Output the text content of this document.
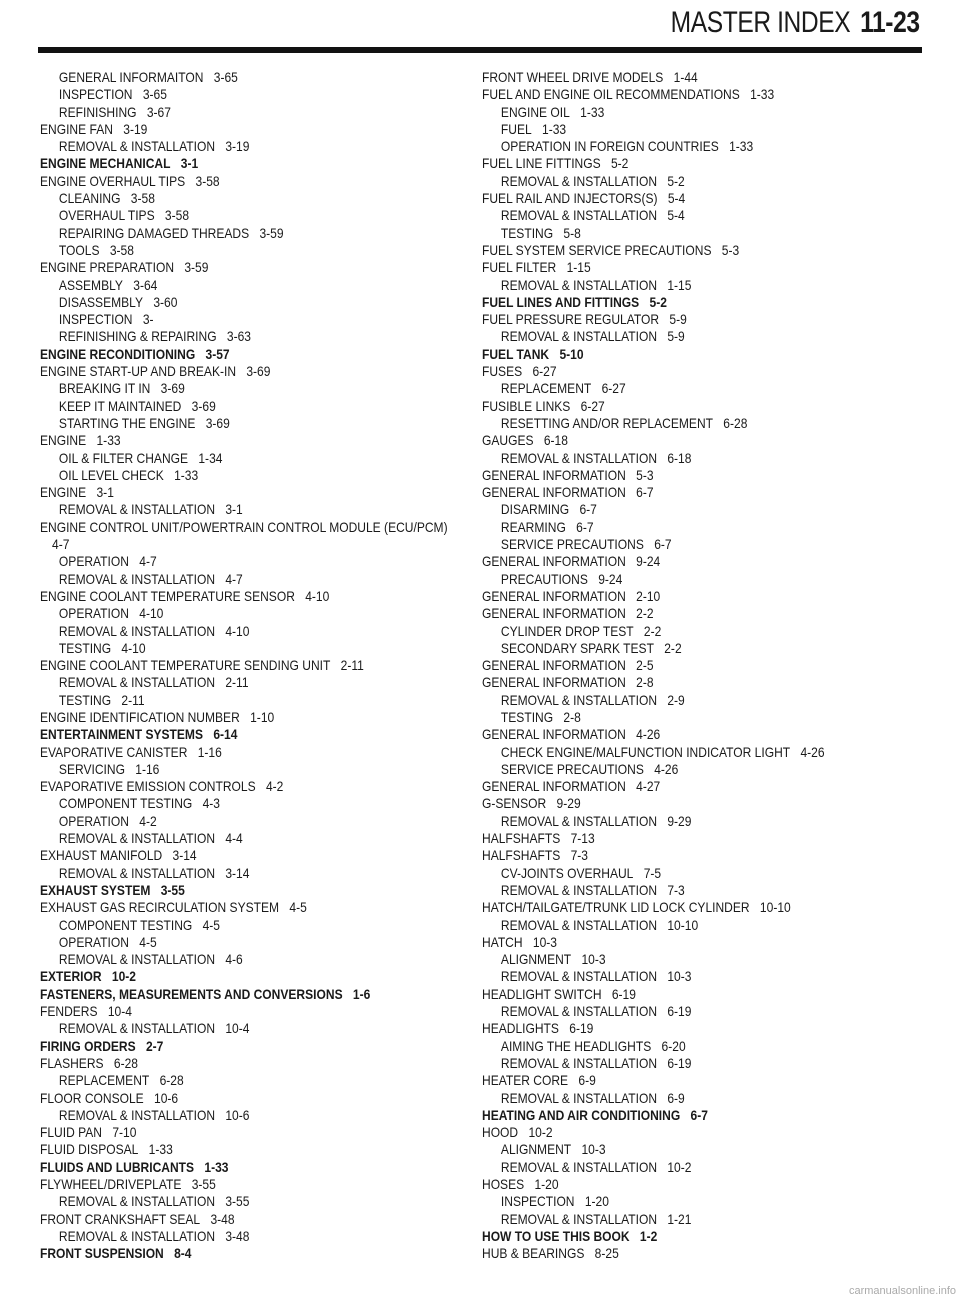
MASTER INDEX 11-23
GENERAL INFORMAITON 3-65
INSPECTION 3-65
REFINISHING 3-67
ENGINE FAN 3-19
REMOVAL & INSTALLATION 3-19
ENGINE MECHANICAL 3-1
ENGINE OVERHAUL TIPS 3-58
CLEANING 3-58
OVERHAUL TIPS 3-58
REPAIRING DAMAGED THREADS 3-59
TOOLS 3-58
ENGINE PREPARATION 3-59
ASSEMBLY 3-64
DISASSEMBLY 3-60
INSPECTION 3-
REFINISHING & REPAIRING 3-63
ENGINE RECONDITIONING 3-57
ENGINE START-UP AND BREAK-IN 3-69
BREAKING IT IN 3-69
KEEP IT MAINTAINED 3-69
STARTING THE ENGINE 3-69
ENGINE 1-33
OIL & FILTER CHANGE 1-34
OIL LEVEL CHECK 1-33
ENGINE 3-1
REMOVAL & INSTALLATION 3-1
ENGINE CONTROL UNIT/POWERTRAIN CONTROL MODULE (ECU/PCM)
4-7
OPERATION 4-7
REMOVAL & INSTALLATION 4-7
ENGINE COOLANT TEMPERATURE SENSOR 4-10
OPERATION 4-10
REMOVAL & INSTALLATION 4-10
TESTING 4-10
ENGINE COOLANT TEMPERATURE SENDING UNIT 2-11
REMOVAL & INSTALLATION 2-11
TESTING 2-11
ENGINE IDENTIFICATION NUMBER 1-10
ENTERTAINMENT SYSTEMS 6-14
EVAPORATIVE CANISTER 1-16
SERVICING 1-16
EVAPORATIVE EMISSION CONTROLS 4-2
COMPONENT TESTING 4-3
OPERATION 4-2
REMOVAL & INSTALLATION 4-4
EXHAUST MANIFOLD 3-14
REMOVAL & INSTALLATION 3-14
EXHAUST SYSTEM 3-55
EXHAUST GAS RECIRCULATION SYSTEM 4-5
COMPONENT TESTING 4-5
OPERATION 4-5
REMOVAL & INSTALLATION 4-6
EXTERIOR 10-2
FASTENERS, MEASUREMENTS AND CONVERSIONS 1-6
FENDERS 10-4
REMOVAL & INSTALLATION 10-4
FIRING ORDERS 2-7
FLASHERS 6-28
REPLACEMENT 6-28
FLOOR CONSOLE 10-6
REMOVAL & INSTALLATION 10-6
FLUID PAN 7-10
FLUID DISPOSAL 1-33
FLUIDS AND LUBRICANTS 1-33
FLYWHEEL/DRIVEPLATE 3-55
REMOVAL & INSTALLATION 3-55
FRONT CRANKSHAFT SEAL 3-48
REMOVAL & INSTALLATION 3-48
FRONT SUSPENSION 8-4
FRONT WHEEL DRIVE MODELS 1-44
FUEL AND ENGINE OIL RECOMMENDATIONS 1-33
ENGINE OIL 1-33
FUEL 1-33
OPERATION IN FOREIGN COUNTRIES 1-33
FUEL LINE FITTINGS 5-2
REMOVAL & INSTALLATION 5-2
FUEL RAIL AND INJECTORS(S) 5-4
REMOVAL & INSTALLATION 5-4
TESTING 5-8
FUEL SYSTEM SERVICE PRECAUTIONS 5-3
FUEL FILTER 1-15
REMOVAL & INSTALLATION 1-15
FUEL LINES AND FITTINGS 5-2
FUEL PRESSURE REGULATOR 5-9
REMOVAL & INSTALLATION 5-9
FUEL TANK 5-10
FUSES 6-27
REPLACEMENT 6-27
FUSIBLE LINKS 6-27
RESETTING AND/OR REPLACEMENT 6-28
GAUGES 6-18
REMOVAL & INSTALLATION 6-18
GENERAL INFORMATION 5-3
GENERAL INFORMATION 6-7
DISARMING 6-7
REARMING 6-7
SERVICE PRECAUTIONS 6-7
GENERAL INFORMATION 9-24
PRECAUTIONS 9-24
GENERAL INFORMATION 2-10
GENERAL INFORMATION 2-2
CYLINDER DROP TEST 2-2
SECONDARY SPARK TEST 2-2
GENERAL INFORMATION 2-5
GENERAL INFORMATION 2-8
REMOVAL & INSTALLATION 2-9
TESTING 2-8
GENERAL INFORMATION 4-26
CHECK ENGINE/MALFUNCTION INDICATOR LIGHT 4-26
SERVICE PRECAUTIONS 4-26
GENERAL INFORMATION 4-27
G-SENSOR 9-29
REMOVAL & INSTALLATION 9-29
HALFSHAFTS 7-13
HALFSHAFTS 7-3
CV-JOINTS OVERHAUL 7-5
REMOVAL & INSTALLATION 7-3
HATCH/TAILGATE/TRUNK LID LOCK CYLINDER 10-10
REMOVAL & INSTALLATION 10-10
HATCH 10-3
ALIGNMENT 10-3
REMOVAL & INSTALLATION 10-3
HEADLIGHT SWITCH 6-19
REMOVAL & INSTALLATION 6-19
HEADLIGHTS 6-19
AIMING THE HEADLIGHTS 6-20
REMOVAL & INSTALLATION 6-19
HEATER CORE 6-9
REMOVAL & INSTALLATION 6-9
HEATING AND AIR CONDITIONING 6-7
HOOD 10-2
ALIGNMENT 10-3
REMOVAL & INSTALLATION 10-2
HOSES 1-20
INSPECTION 1-20
REMOVAL & INSTALLATION 1-21
HOW TO USE THIS BOOK 1-2
HUB & BEARINGS 8-25
carmanualsonline.info
